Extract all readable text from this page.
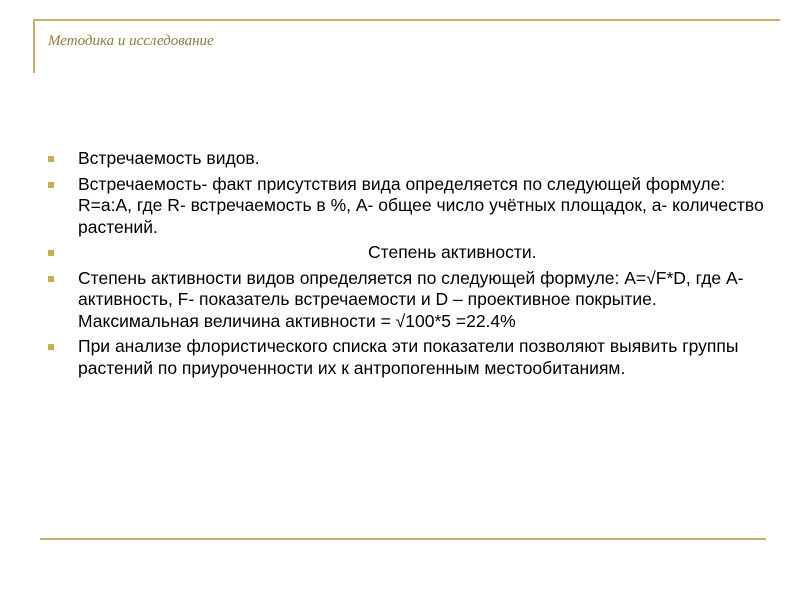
Методика и исследование
Встречаемость видов.
Встречаемость- факт присутствия вида определяется по следующей формуле: R=a:A, где R- встречаемость в %, A- общее число учётных площадок, а- количество растений.
Степень активности.
Степень активности видов определяется по следующей формуле: A=√F*D, где A-активность, F- показатель встречаемости и D – проективное покрытие. Максимальная величина активности = √100*5 =22.4%
При анализе флористического списка эти показатели позволяют выявить группы растений по приуроченности их к антропогенным местообитаниям.
